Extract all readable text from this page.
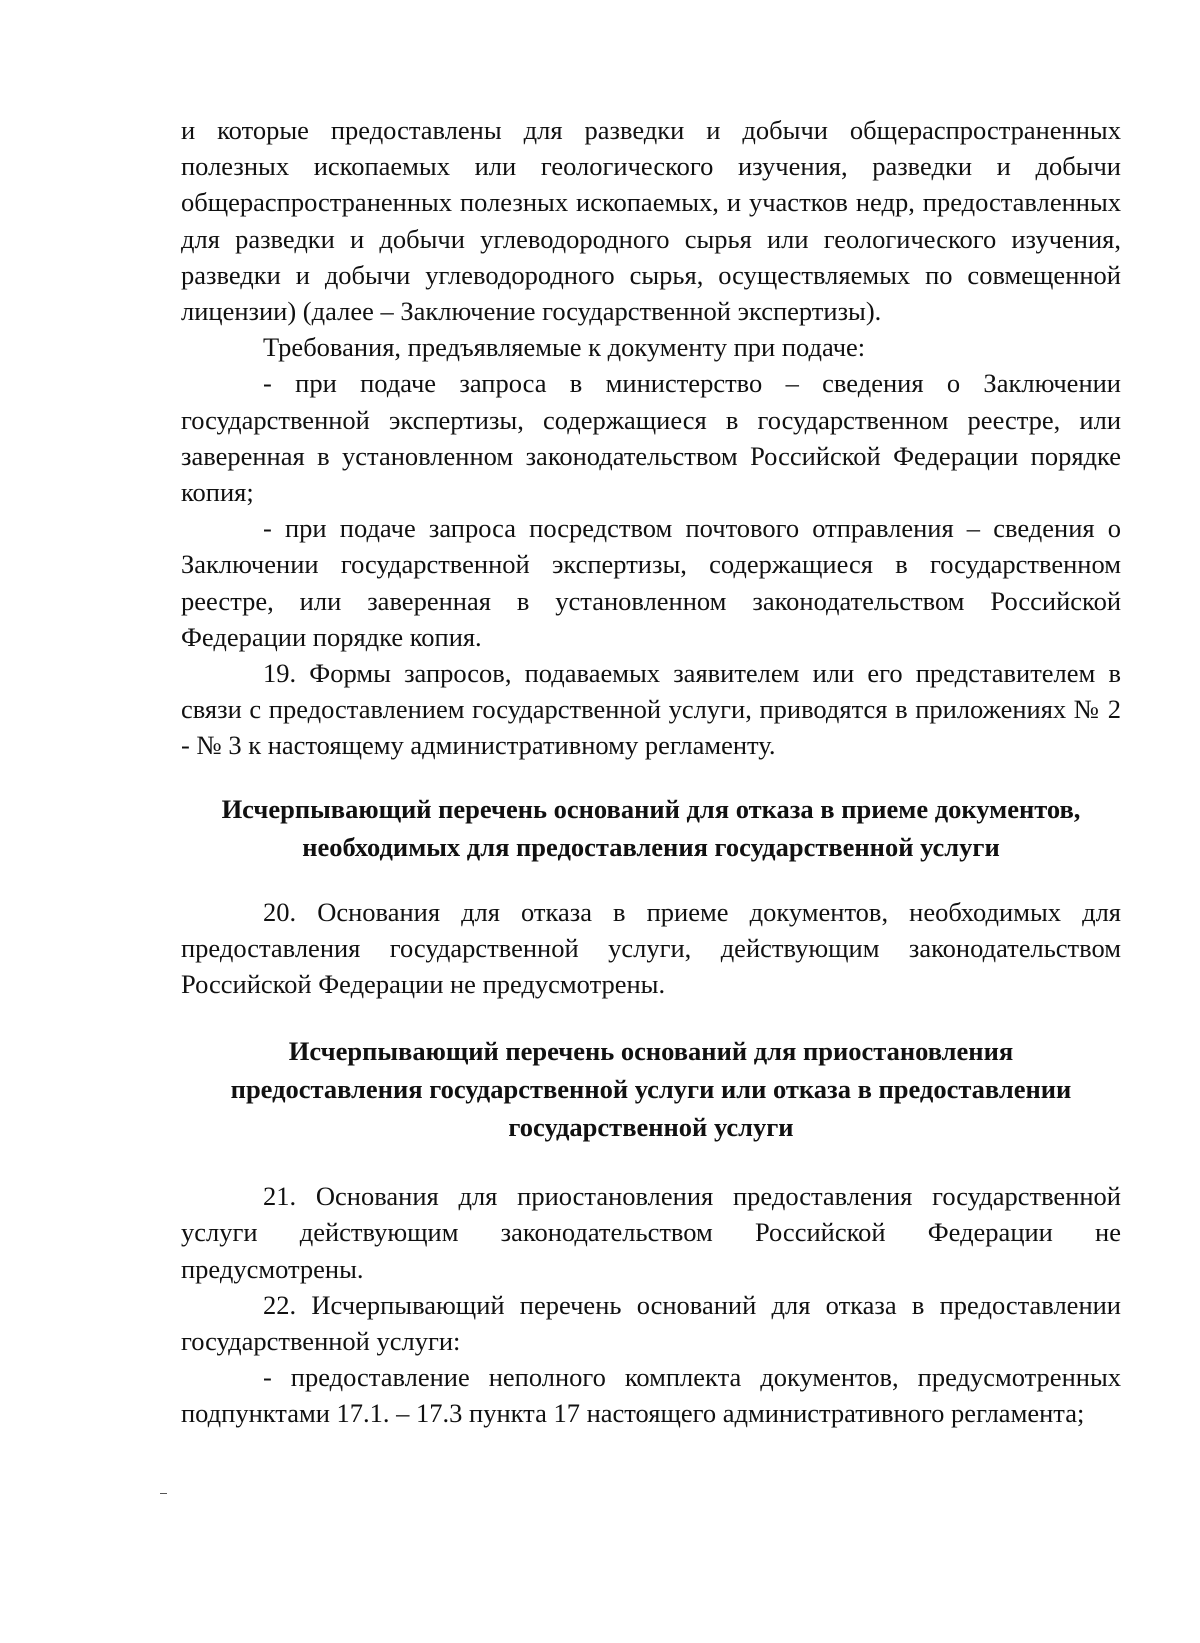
и которые предоставлены для разведки и добычи общераспространенных полезных ископаемых или геологического изучения, разведки и добычи общераспространенных полезных ископаемых, и участков недр, предоставленных для разведки и добычи углеводородного сырья или геологического изучения, разведки и добычи углеводородного сырья, осуществляемых по совмещенной лицензии) (далее – Заключение государственной экспертизы).

Требования, предъявляемые к документу при подаче:

- при подаче запроса в министерство – сведения о Заключении государственной экспертизы, содержащиеся в государственном реестре, или заверенная в установленном законодательством Российской Федерации порядке копия;

- при подаче запроса посредством почтового отправления – сведения о Заключении государственной экспертизы, содержащиеся в государственном реестре, или заверенная в установленном законодательством Российской Федерации порядке копия.

19. Формы запросов, подаваемых заявителем или его представителем в связи с предоставлением государственной услуги, приводятся в приложениях № 2 - № 3 к настоящему административному регламенту.

Исчерпывающий перечень оснований для отказа в приеме документов,

необходимых для предоставления государственной услуги

20. Основания для отказа в приеме документов, необходимых для предоставления государственной услуги, действующим законодательством Российской Федерации не предусмотрены.

Исчерпывающий перечень оснований для приостановления

предоставления государственной услуги или отказа в предоставлении

государственной услуги

21. Основания для приостановления предоставления государственной услуги действующим законодательством Российской Федерации не предусмотрены.

22. Исчерпывающий перечень оснований для отказа в предоставлении государственной услуги:

- предоставление неполного комплекта документов, предусмотренных подпунктами 17.1. – 17.3 пункта 17 настоящего административного регламента;
